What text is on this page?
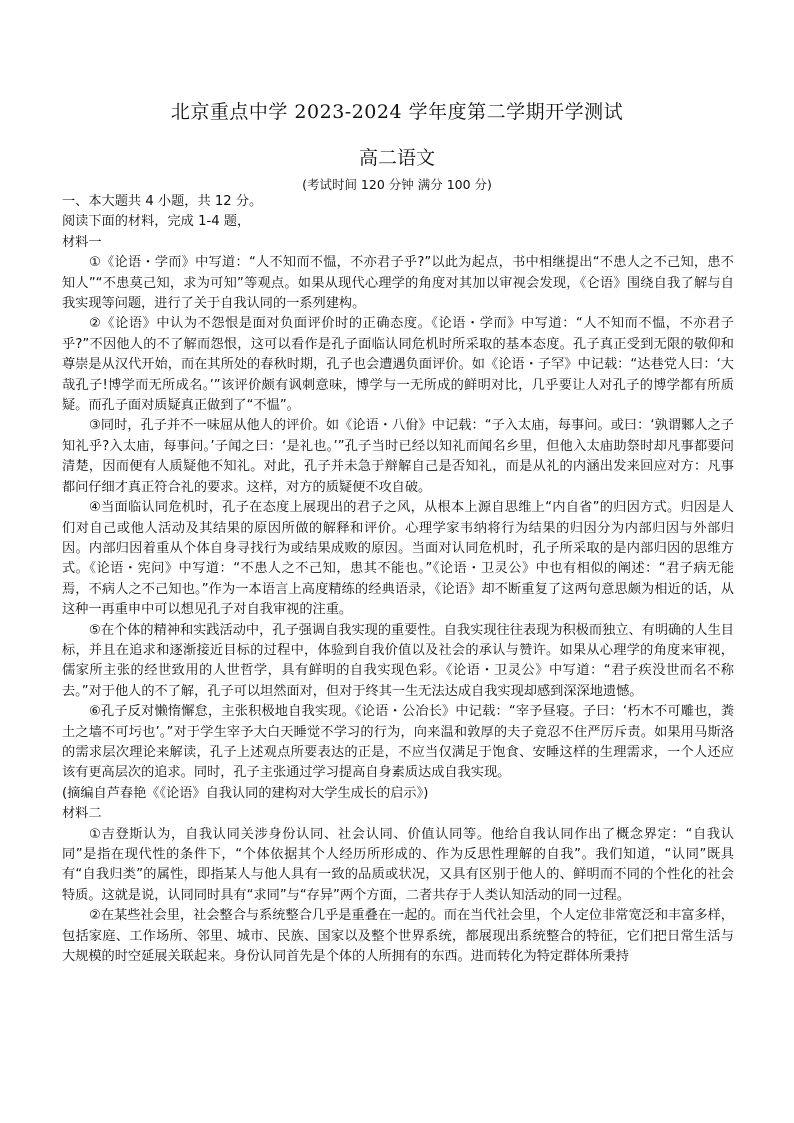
北京重点中学 2023-2024 学年度第二学期开学测试
高二语文
(考试时间 120 分钟 满分 100 分)

一、本大题共 4 小题，共 12 分。

阅读下面的材料，完成 1-4 题，

材料一

①《论语・学而》中写道：“人不知而不愠，不亦君子乎?”以此为起点，书中相继提出“不患人之不己知，患不知人”“不患莫己知，求为可知”等观点。如果从现代心理学的角度对其加以审视会发现，《仑语》围绕自我了解与自我实现等问题，进行了关于自我认同的一系列建构。

②《论语》中认为不怨恨是面对负面评价时的正确态度。《论语・学而》中写道：“人不知而不愠，不亦君子乎?”不因他人的不了解而怨恨，这可以看作是孔子面临认同危机时所采取的基本态度。孔子真正受到无限的敬仰和尊崇是从汉代开始，而在其所处的春秋时期，孔子也会遭遇负面评价。如《论语・子罕》中记载：“达巷党人曰：‘大哉孔子!博学而无所成名。’”该评价颇有讽刺意味，博学与一无所成的鲜明对比，几乎要让人对孔子的博学都有所质疑。而孔子面对质疑真正做到了“不愠”。

③同时，孔子并不一味屈从他人的评价。如《论语・八佾》中记载：“子入太庙，每事问。或曰：‘孰谓鄹人之子知礼乎?入太庙，每事问。’子闻之曰：‘是礼也。’”孔子当时已经以知礼而闻名乡里，但他入太庙助祭时却凡事都要问清楚，因而便有人质疑他不知礼。对此，孔子并未急于辩解自己是否知礼，而是从礼的内涵出发来回应对方：凡事都问仔细才真正符合礼的要求。这样，对方的质疑便不攻自破。

④当面临认同危机时，孔子在态度上展现出的君子之风，从根本上源自思维上“内自省”的归因方式。归因是人们对自己或他人活动及其结果的原因所做的解释和评价。心理学家韦纳将行为结果的归因分为内部归因与外部归因。内部归因着重从个体自身寻找行为或结果成败的原因。当面对认同危机时，孔子所采取的是内部归因的思维方式。《论语・宪问》中写道：“不患人之不己知，患其不能也。”《论语・卫灵公》中也有相似的阐述：“君子病无能焉，不病人之不己知也。”作为一本语言上高度精练的经典语录，《论语》却不断重复了这两句意思颇为相近的话，从这种一再重申中可以想见孔子对自我审视的注重。

⑤在个体的精神和实践活动中，孔子强调自我实现的重要性。自我实现往往表现为积极而独立、有明确的人生目标，并且在追求和逐渐接近目标的过程中，体验到自我价值以及社会的承认与赞许。如果从心理学的角度来审视，儒家所主张的经世致用的人世哲学，具有鲜明的自我实现色彩。《论语・卫灵公》中写道：“君子疾没世而名不称去。”对于他人的不了解，孔子可以坦然面对，但对于终其一生无法达成自我实现却感到深深地遗憾。

⑥孔子反对懒惰懈怠，主张积极地自我实现。《论语・公冶长》中记载：“宰予昼寝。子曰：‘朽木不可雕也，粪土之墙不可圬也’。”对于学生宰予大白天睡觉不学习的行为，向来温和敦厚的夫子竟忍不住严厉斥责。如果用马斯洛的需求层次理论来解读，孔子上述观点所要表达的正是，不应当仅满足于饱食、安睡这样的生理需求，一个人还应该有更高层次的追求。同时，孔子主张通过学习提高自身素质达成自我实现。

(摘编自芦春艳《《论语》自我认同的建构对大学生成长的启示》)

材料二

①吉登斯认为，自我认同关涉身份认同、社会认同、价值认同等。他给自我认同作出了概念界定：“自我认同”是指在现代性的条件下，“个体依据其个人经历所形成的、作为反思性理解的自我”。我们知道，“认同”既具有“自我归类”的属性，即指某人与他人具有一致的品质或状况，又具有区别于他人的、鲜明而不同的个性化的社会特质。这就是说，认同同时具有“求同”与“存异”两个方面，二者共存于人类认知活动的同一过程。

②在某些社会里，社会整合与系统整合几乎是重叠在一起的。而在当代社会里，个人定位非常宽泛和丰富多样，包括家庭、工作场所、邻里、城市、民族、国家以及整个世界系统，都展现出系统整合的特征，它们把日常生活与大规模的时空延展关联起来。身份认同首先是个体的人所拥有的东西。进而转化为特定群体所秉持
